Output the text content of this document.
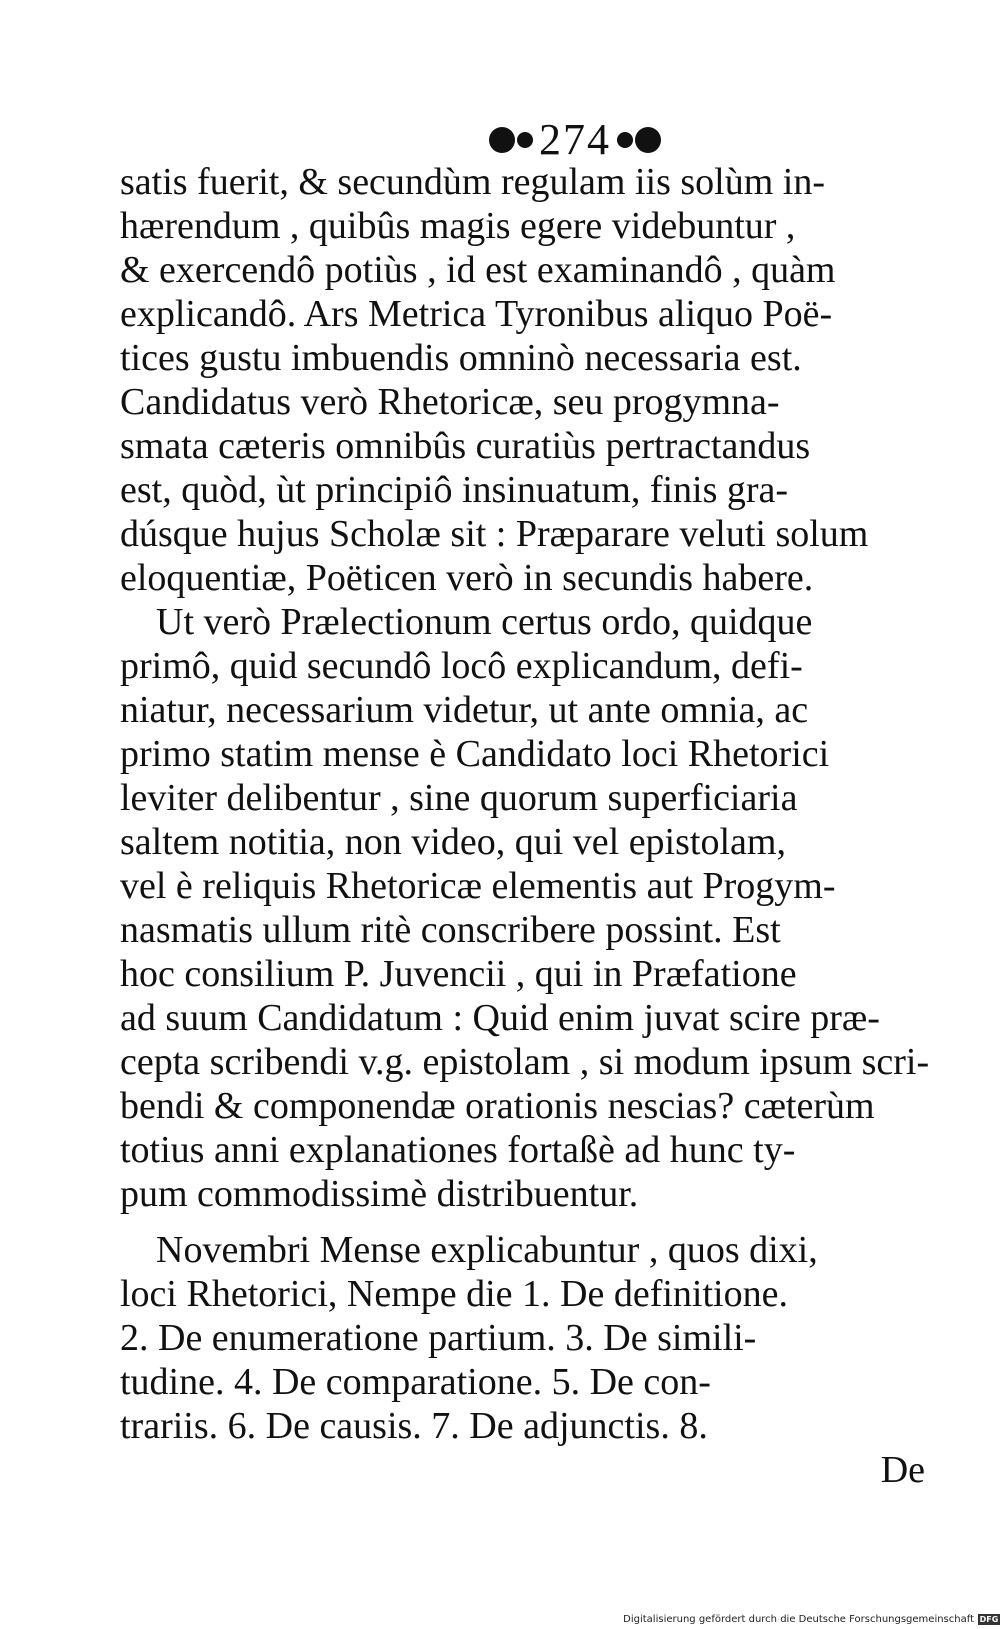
274
satis fuerit, & secundùm regulam iis solùm in-
hærendum , quibûs magis egere videbuntur ,
& exercendô potiùs , id est examinandô , quàm
explicandô. Ars Metrica Tyronibus aliquo Poë-
tices gustu imbuendis omninò necessaria est.
Candidatus verò Rhetoricæ, seu progymna-
smata cæteris omnibûs curatiùs pertractandus
est, quòd, ùt principiô insinuatum, finis gra-
dúsque hujus Scholæ sit : Præparare veluti solum
eloquentiæ, Poëticen verò in secundis habere.
Ut verò Prælectionum certus ordo, quidque
primô, quid secundô locô explicandum, defi-
niatur, necessarium videtur, ut ante omnia, ac
primo statim mense è Candidato loci Rhetorici
leviter delibentur , sine quorum superficiaria
saltem notitia, non video, qui vel epistolam,
vel è reliquis Rhetoricæ elementis aut Progym-
nasmatis ullum ritè conscribere possint. Est
hoc consilium P. Juvencii , qui in Præfatione
ad suum Candidatum : Quid enim juvat scire præ-
cepta scribendi v.g. epistolam , si modum ipsum scri-
bendi & componendæ orationis nescias? cæterùm
totius anni explanationes fortaßè ad hunc ty-
pum commodissimè distribuentur.
Novembri Mense explicabuntur , quos dixi,
loci Rhetorici, Nempe die 1. De definitione.
2. De enumeratione partium. 3. De simili-
tudine. 4. De comparatione. 5. De con-
trariis. 6. De causis. 7. De adjunctis. 8.
De
Digitalisierung gefördert durch die Deutsche Forschungsgemeinschaft DFG
